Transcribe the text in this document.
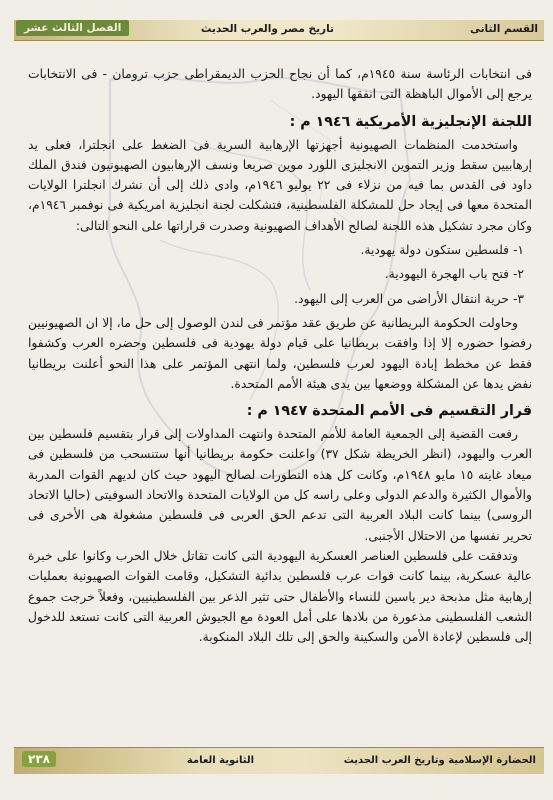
القسم الثانى
تاريخ مصر والعرب الحديث
الفصل الثالث عشر

فى انتخابات الرئاسة سنة ١٩٤٥م، كما أن نجاح الحزب الديمقراطى حزب ترومان - فى الانتخابات يرجع إلى الأموال الباهظة التى انفقها اليهود.

اللجنة الإنجليزية الأمريكية ١٩٤٦ م :

واستخدمت المنظمات الصهيونية أجهزتها الإرهابية السرية فى الضغط على انجلترا، فعلى يد إرهابيين سقط وزير التموين الانجليزى اللورد موين صريعا ونسف الإرهابيون الصهيونيون فندق الملك داود فى القدس بما فيه من نزلاء فى ٢٢ يوليو ١٩٤٦م، وادى ذلك إلى أن تشرك انجلترا الولايات المتحدة معها فى إيجاد حل للمشكلة الفلسطينية، فتشكلت لجنة انجليزية امريكية فى نوفمبر ١٩٤٦م، وكان مجرد تشكيل هذه اللجنة لصالح الأهداف الصهيونية وصدرت قراراتها على النحو التالى:

١- فلسطين ستكون دولة يهودية.
٢- فتح باب الهجرة اليهودية.
٣- حرية انتقال الأراضى من العرب إلى اليهود.

وحاولت الحكومة البريطانية عن طريق عقد مؤتمر فى لندن الوصول إلى حل ما، إلا ان الصهيونيين رفضوا حضوره إلا إذا وافقت بريطانيا على قيام دولة يهودية فى فلسطين وحضره العرب وكشفوا فقط عن مخطط إبادة اليهود لعرب فلسطين، ولما انتهى المؤتمر على هذا النحو أعلنت بريطانيا نفض يدها عن المشكلة ووضعها بين يدى هيئة الأمم المتحدة.

قرار التقسيم فى الأمم المتحدة ١٩٤٧ م :

رفعت القضية إلى الجمعية العامة للأمم المتحدة وانتهت المداولات إلى قرار بتقسيم فلسطين بين العرب واليهود، (انظر الخريطة شكل ٣٧) واعلنت حكومة بريطانيا أنها ستنسحب من فلسطين فى ميعاد غايته ١٥ مايو ١٩٤٨م، وكانت كل هذه التطورات لصالح اليهود حيث كان لديهم القوات المدربة والأموال الكثيرة والدعم الدولى وعلى راسه كل من الولايات المتحدة والاتحاد السوفيتى (حاليا الاتحاد الروسى) بينما كانت البلاد العربية التى تدعم الحق العربى فى فلسطين مشغولة هى الأخرى فى تحرير نفسها من الاحتلال الأجنبى.

وتدفقت على فلسطين العناصر العسكرية اليهودية التى كانت تقاتل خلال الحرب وكانوا على خبرة عالية عسكرية، بينما كانت قوات عرب فلسطين بدائية التشكيل، وقامت القوات الصهيونية بعمليات إرهابية مثل مذبحة دير ياسين للنساء والأطفال حتى تثير الذعر بين الفلسطينيين، وفعلاً خرجت جموع الشعب الفلسطينى مذعورة من بلادها على أمل العودة مع الجيوش العربية التى كانت تستعد للدخول إلى فلسطين لإعادة الأمن والسكينة والحق إلى تلك البلاد المنكوبة.

الحضارة الإسلامية وتاريخ العرب الحديث
الثانوية العامة
٢٣٨
